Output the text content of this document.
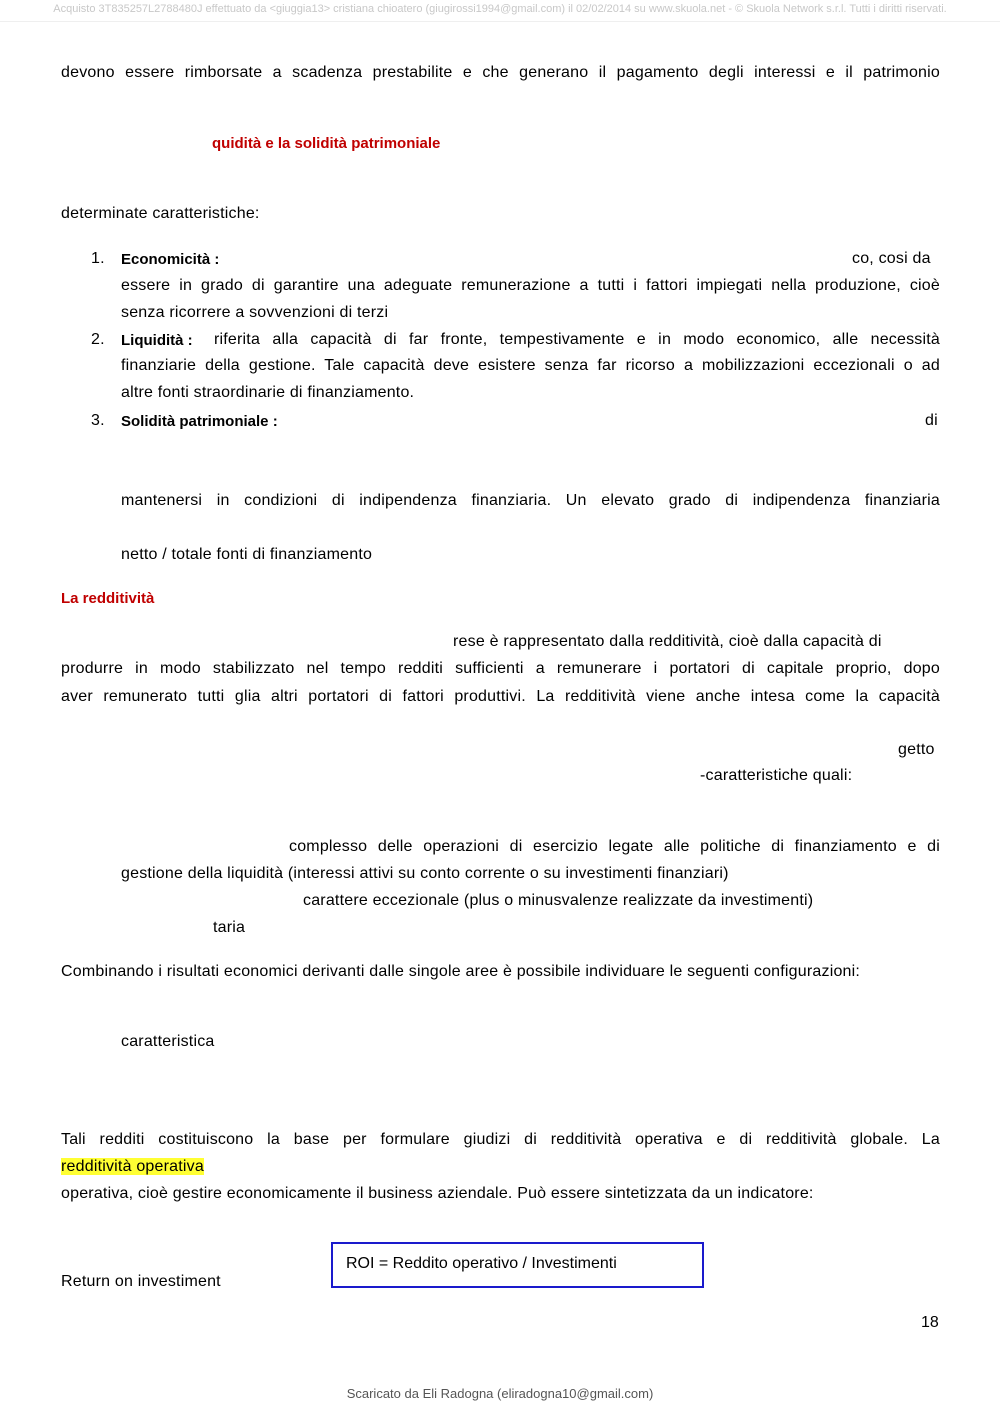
Acquisto 3T835257L2788480J effettuato da <giuggia13> cristiana chioatero (giugirossi1994@gmail.com) il 02/02/2014 su www.skuola.net - © Skuola Network s.r.l. Tutti i diritti riservati.
devono essere rimborsate a scadenza prestabilite e che generano il pagamento degli interessi e il patrimonio
quidità e la solidità patrimoniale
determinate caratteristiche:
1. Economicità :	co, cosi da
essere in grado di garantire una adeguate remunerazione a tutti i fattori impiegati nella produzione, cioè
senza ricorrere a sovvenzioni di terzi
2. Liquidità : riferita alla capacità di far fronte, tempestivamente e in modo economico, alle necessità
finanziarie della gestione. Tale capacità deve esistere senza far ricorso a mobilizzazioni eccezionali o ad
altre fonti straordinarie di finanziamento.
3. Solidità patrimoniale :	di
mantenersi in condizioni di indipendenza finanziaria. Un elevato grado di indipendenza finanziaria
netto / totale fonti di finanziamento
La redditività
rese è rappresentato dalla redditività, cioè dalla capacità di
produrre in modo stabilizzato nel tempo redditi sufficienti a remunerare i portatori di capitale proprio, dopo
aver remunerato tutti glia altri portatori di fattori produttivi. La redditività viene anche intesa come la capacità
getto
-caratteristiche quali:
complesso delle operazioni di esercizio legate alle politiche di finanziamento e di
gestione della liquidità (interessi attivi su conto corrente o su investimenti finanziari)
carattere eccezionale (plus o minusvalenze realizzate da investimenti)
taria
Combinando i risultati economici derivanti dalle singole aree è possibile individuare le seguenti configurazioni:
caratteristica
Tali redditi costituiscono la base per formulare giudizi di redditività operativa e di redditività globale. La
redditività operativa
operativa, cioè gestire economicamente il business aziendale. Può essere sintetizzata da un indicatore:
Return on investiment
ROI = Reddito operativo / Investimenti
18
Scaricato da Eli Radogna (eliradogna10@gmail.com)
